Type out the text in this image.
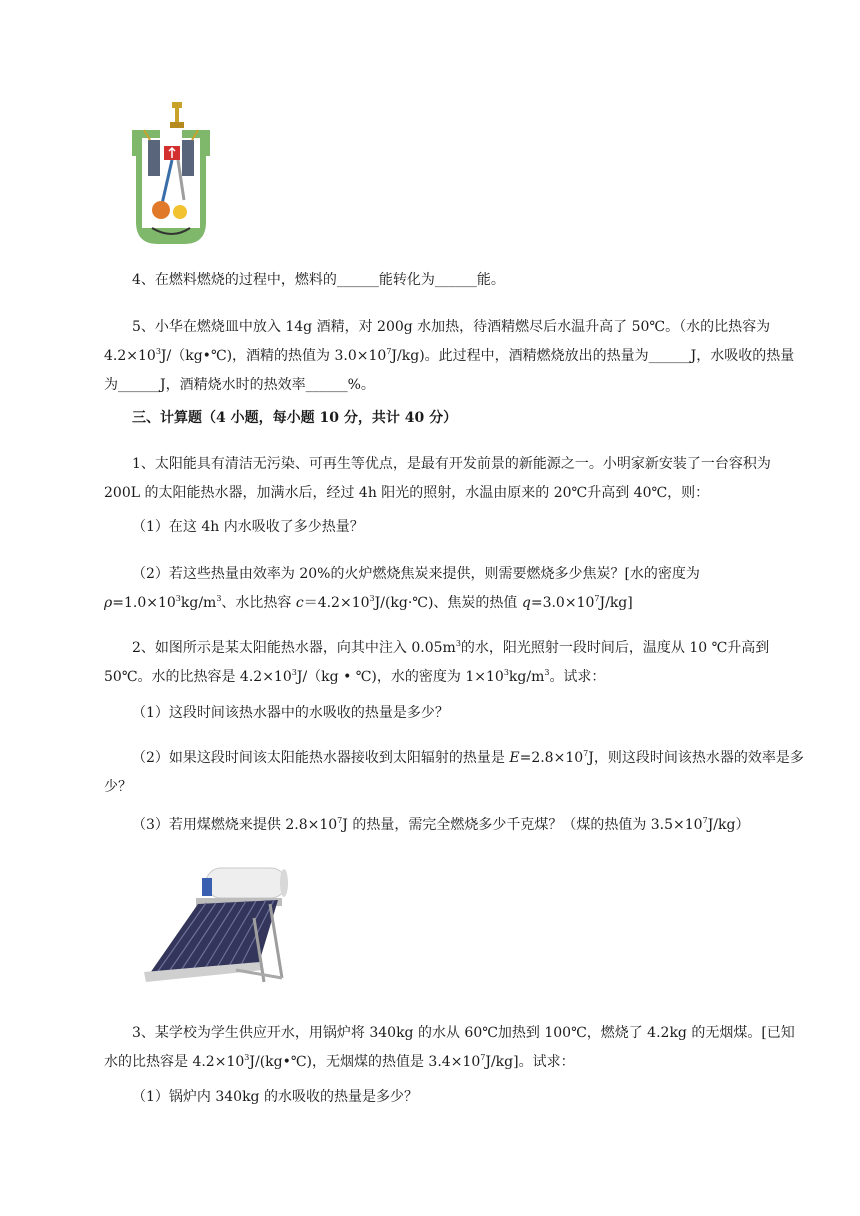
4、在燃料燃烧的过程中，燃料的______能转化为______能。

5、小华在燃烧皿中放入 14g 酒精，对 200g 水加热，待酒精燃尽后水温升高了 50℃。（水的比热容为 $4.2\times 10^3J/(kg•℃)$，酒精的热值为 $3.0\times 10^7J/kg$)。此过程中，酒精燃烧放出的热量为______J，水吸收的热量为______J，酒精烧水时的热效率______%。

三、计算题（4 小题，每小题 10 分，共计 40 分）

1、太阳能具有清洁无污染、可再生等优点，是最有开发前景的新能源之一。小明家新安装了一台容积为 200L 的太阳能热水器，加满水后，经过 4h 阳光的照射，水温由原来的 20℃升高到 40℃，则：

（1）在这 4h 内水吸收了多少热量？

（2）若这些热量由效率为 20%的火炉燃烧焦炭来提供，则需要燃烧多少焦炭？[水的密度为 $\rho=1.0\times 10^3kg/m^3$、水比热容 $c=4.2\times 10^3J/(kg\cdot℃)$、焦炭的热值 $q=3.0\times 10^7J/kg$]

2、如图所示是某太阳能热水器，向其中注入 $0.05m^3$的水，阳光照射一段时间后，温度从 10 ℃升高到 50℃。水的比热容是 $4.2\times 10^3J/(kg$ • ℃)，水的密度为 $1\times 10^3kg/m^3$。试求：

（1）这段时间该热水器中的水吸收的热量是多少？

（2）如果这段时间该太阳能热水器接收到太阳辐射的热量是 $E=2.8\times 10^7J$，则这段时间该热水器的效率是多少？

（3）若用煤燃烧来提供 $2.8\times 10^7J$ 的热量，需完全燃烧多少千克煤？（煤的热值为 $3.5\times 10^7J/kg$）

3、某学校为学生供应开水，用锅炉将 340kg 的水从 60℃加热到 100℃，燃烧了 4.2kg 的无烟煤。[已知水的比热容是 $4.2\times 10^3J/(kg•℃)$，无烟煤的热值是 $3.4\times 10^7J/kg$]。试求：

（1）锅炉内 340kg 的水吸收的热量是多少？
